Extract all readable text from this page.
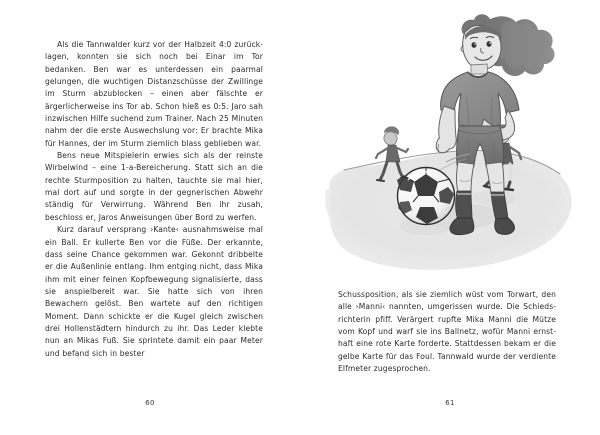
Als die Tannwalder kurz vor der Halbzeit 4:0 zurücklagen, konnten sie sich noch bei Einar im Tor bedanken. Ben war es unterdessen ein paarmal gelungen, die wuchtigen Distanzschüsse der Zwillinge im Sturm abzublocken – einen aber fälschte er ärgerlicherweise ins Tor ab. Schon hieß es 0:5. Jaro sah inzwischen Hilfe suchend zum Trainer. Nach 25 Minuten nahm der die erste Auswechslung vor: Er brachte Mika für Hannes, der im Sturm ziemlich blass geblieben war.

Bens neue Mitspielerin erwies sich als der reinste Wirbelwind – eine 1-a-Bereicherung. Statt sich an die rechte Sturmposition zu halten, tauchte sie mal hier, mal dort auf und sorgte in der gegnerischen Abwehr ständig für Verwirrung. Während Ben ihr zusah, beschloss er, Jaros Anweisungen über Bord zu werfen.

Kurz darauf versprang ›Kante‹ ausnahmsweise mal ein Ball. Er kullerte Ben vor die Füße. Der erkannte, dass seine Chance gekommen war. Gekonnt dribbelte er die Außenlinie entlang. Ihm entging nicht, dass Mika ihm mit einer feinen Kopfbewegung signalisierte, dass sie anspielbereit war. Sie hatte sich von ihren Bewachern gelöst. Ben wartete auf den richtigen Moment. Dann schickte er die Kugel gleich zwischen drei Hollenstädtern hindurch zu ihr. Das Leder klebte nun an Mikas Fuß. Sie sprintete damit ein paar Meter und befand sich in bester

60

Schussposition, als sie ziemlich wüst vom Torwart, den alle ›Manni‹ nannten, umgerissen wurde. Die Schiedsrichterin pfiff. Verärgert rupfte Mika Manni die Mütze vom Kopf und warf sie ins Ballnetz, wofür Manni ernsthaft eine rote Karte forderte. Stattdessen bekam er die gelbe Karte für das Foul. Tannwald wurde der verdiente Elfmeter zugesprochen.

61
